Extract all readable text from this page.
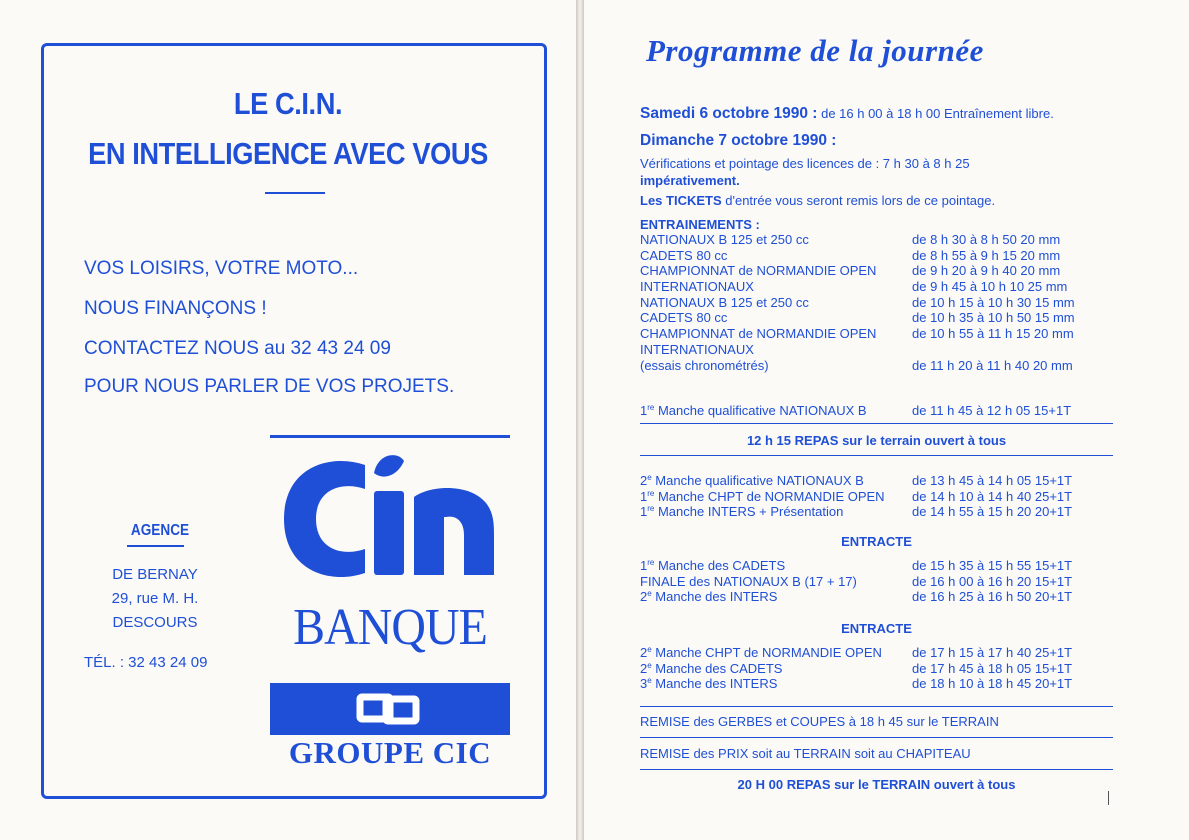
LE C.I.N.
EN INTELLIGENCE AVEC VOUS
VOS LOISIRS, VOTRE MOTO...
NOUS FINANÇONS !
CONTACTEZ NOUS au 32 43 24 09
POUR NOUS PARLER DE VOS PROJETS.
AGENCE
DE BERNAY
29, rue M. H.
DESCOURS
TÉL. : 32 43 24 09
BANQUE
GROUPE CIC
Programme de la journée
Samedi 6 octobre 1990 : de 16 h 00 à 18 h 00 Entraînement libre.
Dimanche 7 octobre 1990 :
Vérifications et pointage des licences de : 7 h 30 à 8 h 25
impérativement.
Les TICKETS d'entrée vous seront remis lors de ce pointage.
ENTRAINEMENTS :
NATIONAUX B 125 et 250 cc	de 8 h 30 à 8 h 50 20 mm
CADETS 80 cc	de 8 h 55 à 9 h 15 20 mm
CHAMPIONNAT de NORMANDIE OPEN	de 9 h 20 à 9 h 40 20 mm
INTERNATIONAUX	de 9 h 45 à 10 h 10 25 mm
NATIONAUX B 125 et 250 cc	de 10 h 15 à 10 h 30 15 mm
CADETS 80 cc	de 10 h 35 à 10 h 50 15 mm
CHAMPIONNAT de NORMANDIE OPEN	de 10 h 55 à 11 h 15 20 mm
INTERNATIONAUX
(essais chronométrés)	de 11 h 20 à 11 h 40 20 mm
1re Manche qualificative NATIONAUX B	de 11 h 45 à 12 h 05 15+1T
12 h 15 REPAS sur le terrain ouvert à tous
2e Manche qualificative NATIONAUX B	de 13 h 45 à 14 h 05 15+1T
1re Manche CHPT de NORMANDIE OPEN	de 14 h 10 à 14 h 40 25+1T
1re Manche INTERS + Présentation	de 14 h 55 à 15 h 20 20+1T
ENTRACTE
1re Manche des CADETS	de 15 h 35 à 15 h 55 15+1T
FINALE des NATIONAUX B (17 + 17)	de 16 h 00 à 16 h 20 15+1T
2e Manche des INTERS	de 16 h 25 à 16 h 50 20+1T
ENTRACTE
2e Manche CHPT de NORMANDIE OPEN	de 17 h 15 à 17 h 40 25+1T
2e Manche des CADETS	de 17 h 45 à 18 h 05 15+1T
3e Manche des INTERS	de 18 h 10 à 18 h 45 20+1T
REMISE des GERBES et COUPES à 18 h 45 sur le TERRAIN
REMISE des PRIX soit au TERRAIN soit au CHAPITEAU
20 H 00 REPAS sur le TERRAIN ouvert à tous
